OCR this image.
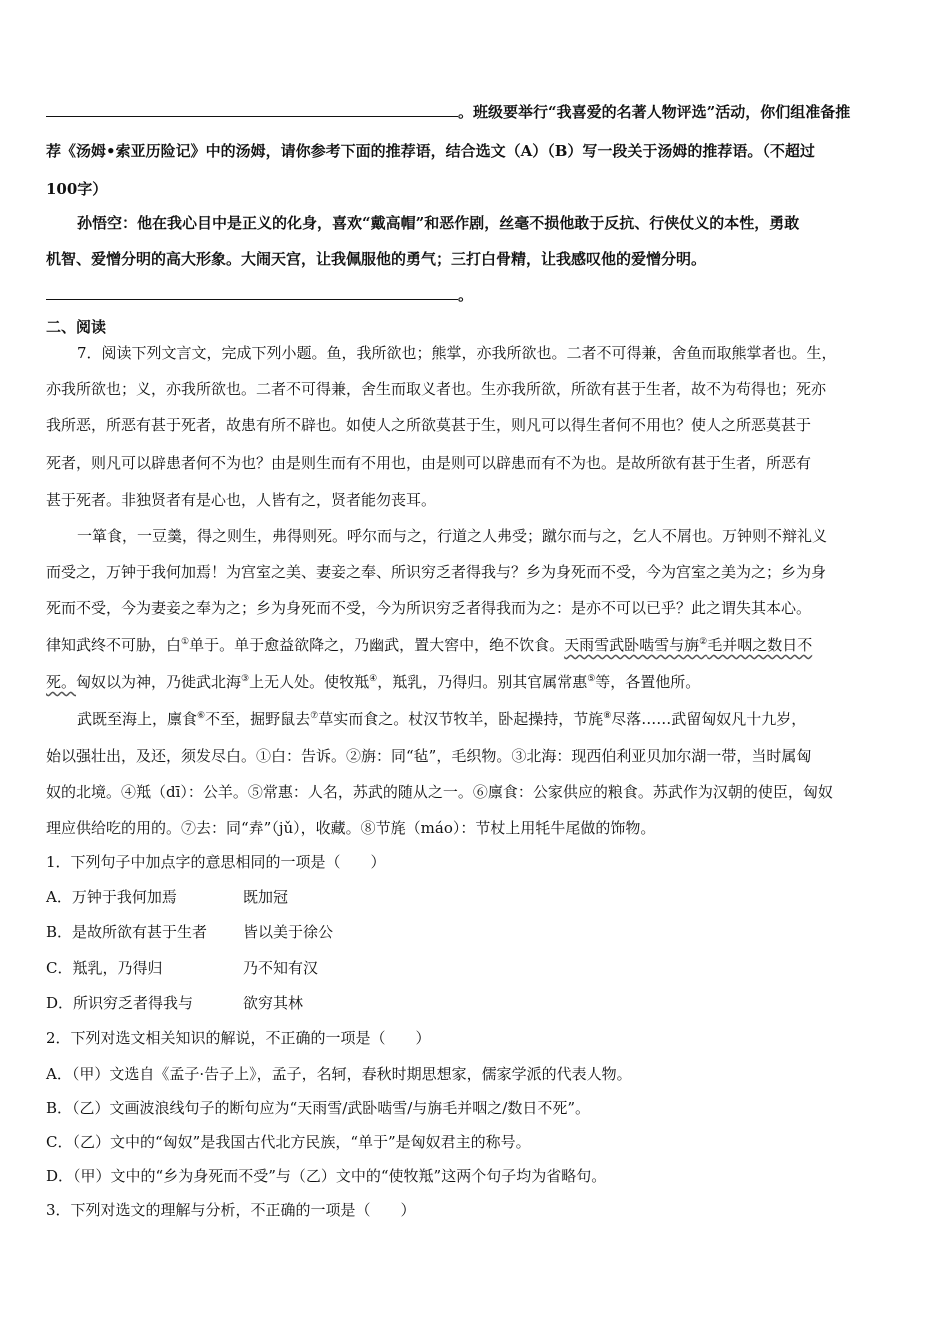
。班级要举行“我喜爱的名著人物评选”活动，你们组准备推
荐《汤姆•索亚历险记》中的汤姆，请你参考下面的推荐语，结合选文（A）（B）写一段关于汤姆的推荐语。（不超过
100字）
孙悟空：他在我心目中是正义的化身，喜欢“戴高帽”和恶作剧，丝毫不损他敢于反抗、行侠仗义的本性，勇敢
机智、爱憎分明的高大形象。大闹天宫，让我佩服他的勇气；三打白骨精，让我感叹他的爱憎分明。
。
二、阅读
7．阅读下列文言文，完成下列小题。鱼，我所欲也；熊掌，亦我所欲也。二者不可得兼，舍鱼而取熊掌者也。生，
亦我所欲也；义，亦我所欲也。二者不可得兼，舍生而取义者也。生亦我所欲，所欲有甚于生者，故不为苟得也；死亦
我所恶，所恶有甚于死者，故患有所不辟也。如使人之所欲莫甚于生，则凡可以得生者何不用也？使人之所恶莫甚于
死者，则凡可以辟患者何不为也？由是则生而有不用也，由是则可以辟患而有不为也。是故所欲有甚于生者，所恶有
甚于死者。非独贤者有是心也，人皆有之，贤者能勿丧耳。
一箪食，一豆羹，得之则生，弗得则死。呼尔而与之，行道之人弗受；蹴尔而与之，乞人不屑也。万钟则不辩礼义
而受之，万钟于我何加焉！为宫室之美、妻妾之奉、所识穷乏者得我与？乡为身死而不受，今为宫室之美为之；乡为身
死而不受，今为妻妾之奉为之；乡为身死而不受，今为所识穷乏者得我而为之：是亦不可以已乎？此之谓失其本心。
律知武终不可胁，白①单于。单于愈益欲降之，乃幽武，置大窖中，绝不饮食。天雨雪武卧啮雪与旃②毛并咽之数日不
死。匈奴以为神，乃徙武北海③上无人处。使牧羝④，羝乳，乃得归。别其官属常惠⑤等，各置他所。
武既至海上，廪食⑥不至，掘野鼠去⑦草实而食之。杖汉节牧羊，卧起操持，节旄⑧尽落……武留匈奴凡十九岁，
始以强壮出，及还，须发尽白。①白：告诉。②旃：同“毡”，毛织物。③北海：现西伯利亚贝加尔湖一带，当时属匈
奴的北境。④羝（dī）：公羊。⑤常惠：人名，苏武的随从之一。⑥廪食：公家供应的粮食。苏武作为汉朝的使臣，匈奴
理应供给吃的用的。⑦去：同“弆”（jǔ），收藏。⑧节旄（máo）：节杖上用牦牛尾做的饰物。
1．下列句子中加点字的意思相同的一项是（　　）
A．万钟于我何加焉	既加冠
B．是故所欲有甚于生者 皆以美于徐公
C．羝乳，乃得归	乃不知有汉
D．所识穷乏者得我与	欲穷其林
2．下列对选文相关知识的解说，不正确的一项是（　　）
A．（甲）文选自《孟子·告子上》，孟子，名轲，春秋时期思想家，儒家学派的代表人物。
B．（乙）文画波浪线句子的断句应为“天雨雪/武卧啮雪/与旃毛并咽之/数日不死”。
C．（乙）文中的“匈奴”是我国古代北方民族，“单于”是匈奴君主的称号。
D．（甲）文中的“乡为身死而不受”与（乙）文中的“使牧羝”这两个句子均为省略句。
3．下列对选文的理解与分析，不正确的一项是（　　）
